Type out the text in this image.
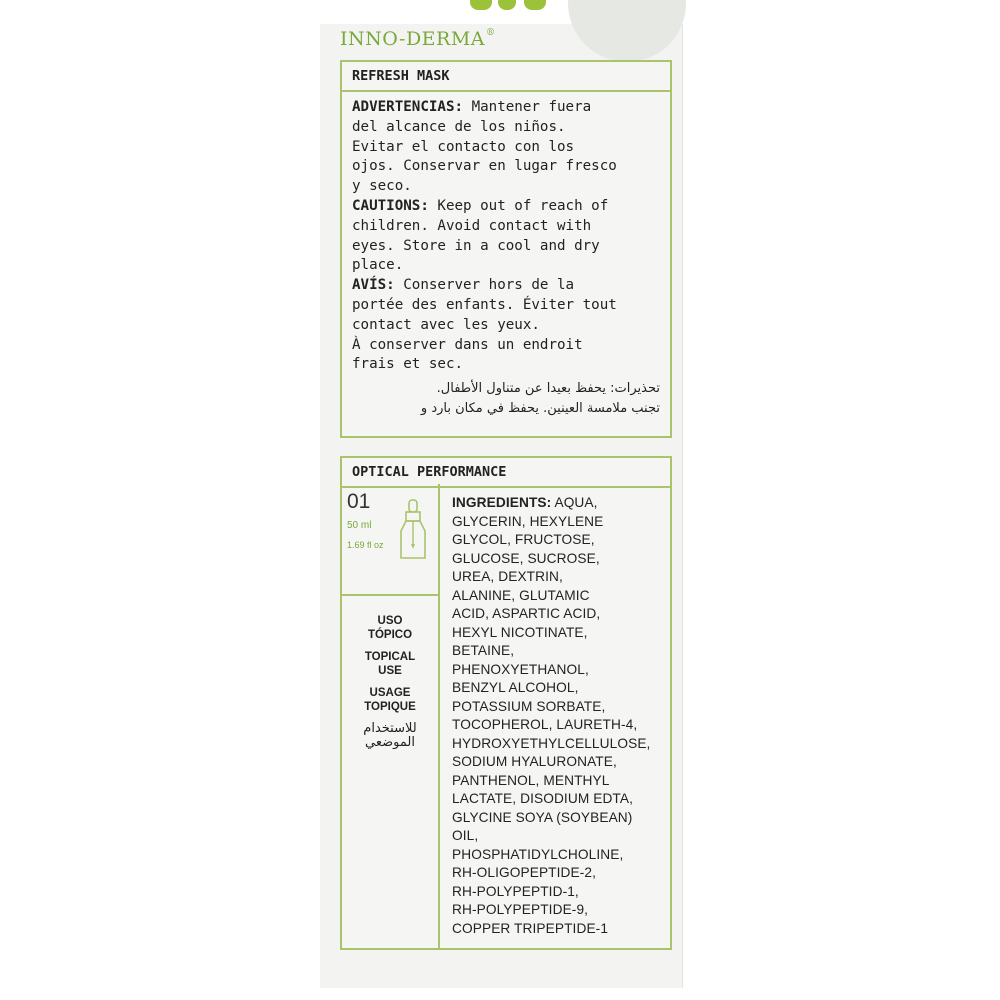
INNO-DERMA®
REFRESH MASK
ADVERTENCIAS: Mantener fuera
del alcance de los niños.
Evitar el contacto con los
ojos. Conservar en lugar fresco
y seco.
CAUTIONS: Keep out of reach of
children. Avoid contact with
eyes. Store in a cool and dry
place.
AVÍS: Conserver hors de la
portée des enfants. Éviter tout
contact avec les yeux.
À conserver dans un endroit
frais et sec.
تحذيرات: يحفظ بعيدا عن متناول الأطفال.
تجنب ملامسة العينين. يحفظ في مكان بارد و
OPTICAL PERFORMANCE
01
50 ml
1.69 fl oz
USO
TÓPICO
TOPICAL
USE
USAGE
TOPIQUE
للاستخدام
الموضعي
INGREDIENTS: AQUA,
GLYCERIN, HEXYLENE
GLYCOL, FRUCTOSE,
GLUCOSE, SUCROSE,
UREA, DEXTRIN,
ALANINE, GLUTAMIC
ACID, ASPARTIC ACID,
HEXYL NICOTINATE,
BETAINE,
PHENOXYETHANOL,
BENZYL ALCOHOL,
POTASSIUM SORBATE,
TOCOPHEROL, LAURETH-4,
HYDROXYETHYLCELLULOSE,
SODIUM HYALURONATE,
PANTHENOL, MENTHYL
LACTATE, DISODIUM EDTA,
GLYCINE SOYA (SOYBEAN)
OIL,
PHOSPHATIDYLCHOLINE,
RH-OLIGOPEPTIDE-2,
RH-POLYPEPTID-1,
RH-POLYPEPTIDE-9,
COPPER TRIPEPTIDE-1
